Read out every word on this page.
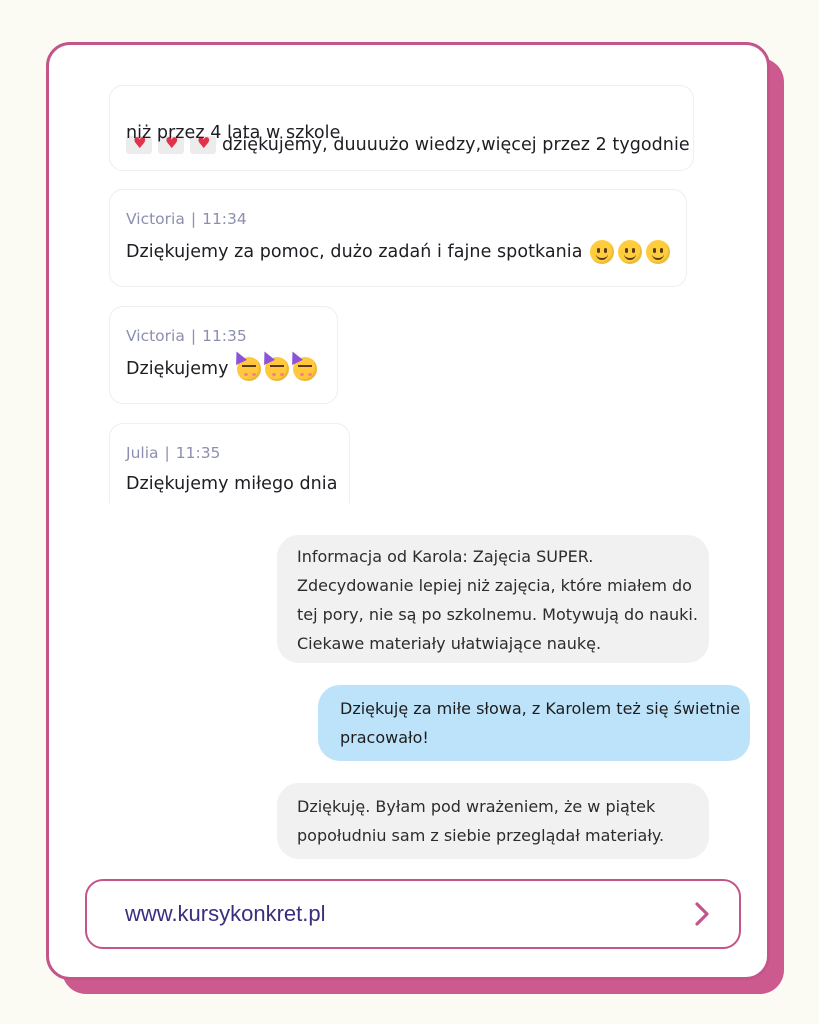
♥
♥
♥
dziękujemy, duuuużo wiedzy,więcej przez 2 tygodnie
niż przez 4 lata w szkole
Victoria | 11:34
Dziękujemy za pomoc, dużo zadań i fajne spotkania
Victoria | 11:35
Dziękujemy
Julia | 11:35
Dziękujemy miłego dnia
Informacja od Karola: Zajęcia SUPER.
Zdecydowanie lepiej niż zajęcia, które miałem do
tej pory, nie są po szkolnemu. Motywują do nauki.
Ciekawe materiały ułatwiające naukę.
Dziękuję za miłe słowa, z Karolem też się świetnie
pracowało!
Dziękuję. Byłam pod wrażeniem, że w piątek
popołudniu sam z siebie przeglądał materiały.
www.kursykonkret.pl
